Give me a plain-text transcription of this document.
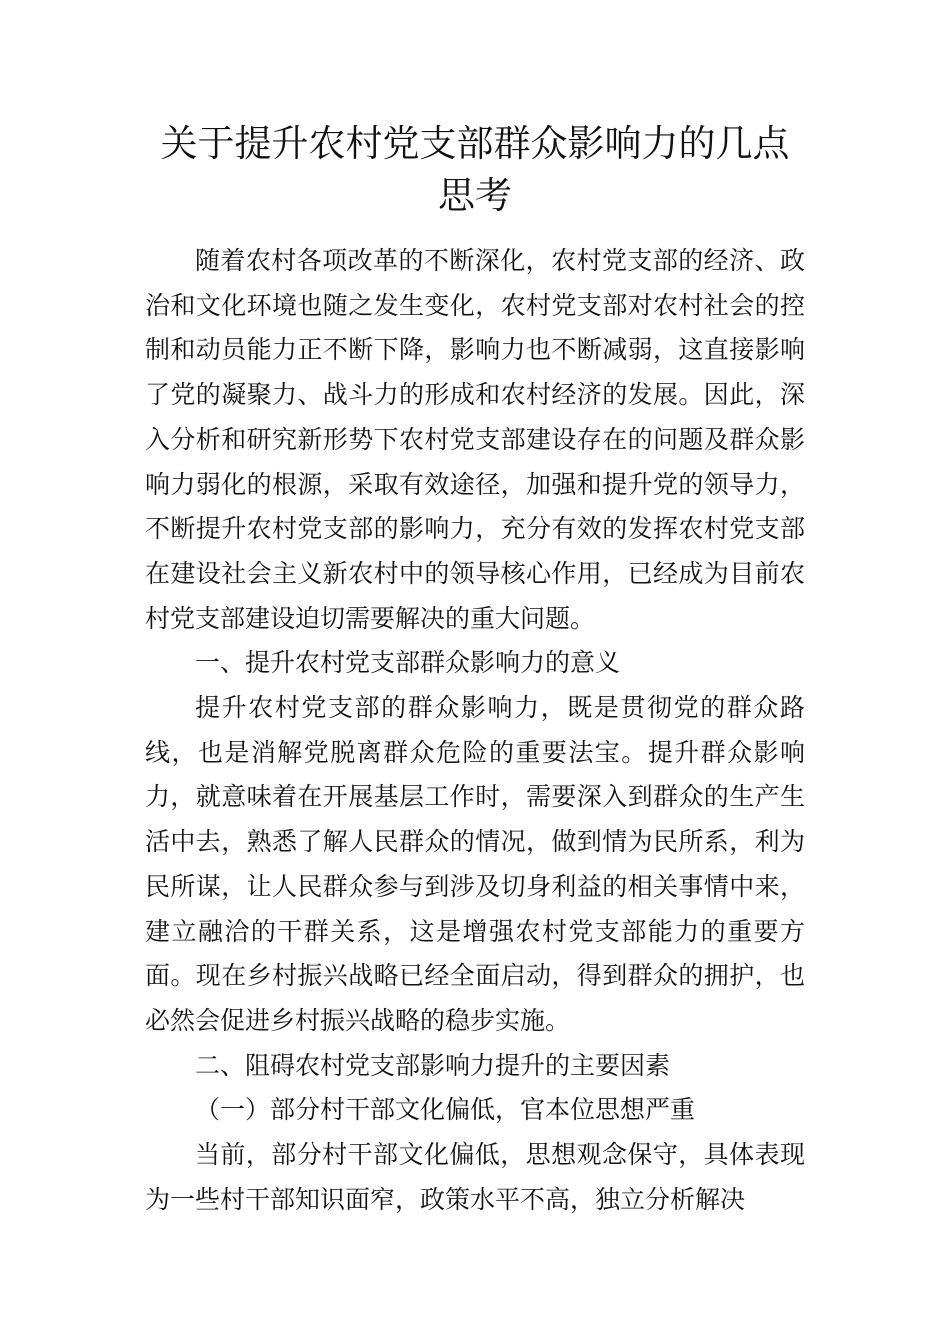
关于提升农村党支部群众影响力的几点思考

随着农村各项改革的不断深化，农村党支部的经济、政治和文化环境也随之发生变化，农村党支部对农村社会的控制和动员能力正不断下降，影响力也不断减弱，这直接影响了党的凝聚力、战斗力的形成和农村经济的发展。因此，深入分析和研究新形势下农村党支部建设存在的问题及群众影响力弱化的根源，采取有效途径，加强和提升党的领导力，不断提升农村党支部的影响力，充分有效的发挥农村党支部在建设社会主义新农村中的领导核心作用，已经成为目前农村党支部建设迫切需要解决的重大问题。

一、提升农村党支部群众影响力的意义

提升农村党支部的群众影响力，既是贯彻党的群众路线，也是消解党脱离群众危险的重要法宝。提升群众影响力，就意味着在开展基层工作时，需要深入到群众的生产生活中去，熟悉了解人民群众的情况，做到情为民所系，利为民所谋，让人民群众参与到涉及切身利益的相关事情中来，建立融洽的干群关系，这是增强农村党支部能力的重要方面。现在乡村振兴战略已经全面启动，得到群众的拥护，也必然会促进乡村振兴战略的稳步实施。

二、阻碍农村党支部影响力提升的主要因素

（一）部分村干部文化偏低，官本位思想严重

当前，部分村干部文化偏低，思想观念保守，具体表现为一些村干部知识面窄，政策水平不高，独立分析解决
